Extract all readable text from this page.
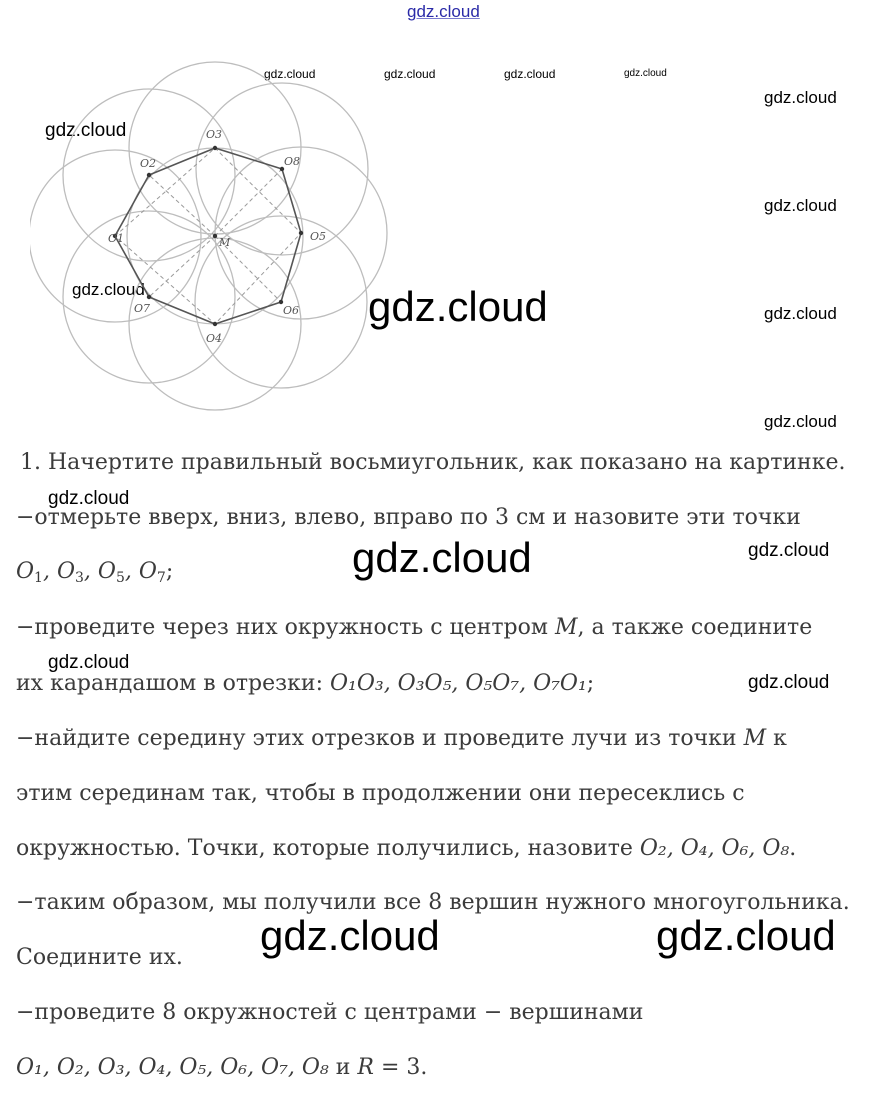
gdz.cloud
gdz.cloud	gdz.cloud	gdz.cloud	gdz.cloud
gdz.cloud
gdz.cloud
gdz.cloud
gdz.cloud	gdz.cloud	gdz.cloud
gdz.cloud
gdz.cloud
gdz.cloud	gdz.cloud
gdz.cloud
gdz.cloud
gdz.cloud	gdz.cloud
O1
O2
O3
O8
O5
O6
O4
O7
M
1. Начертите правильный восьмиугольник, как показано на картинке.
−отмерьте вверх, вниз, влево, вправо по 3 см и назовите эти точки
$O_1$, $O_3$, $O_5$, $O_7$;
−проведите через них окружность с центром M, а также соедините
их карандашом в отрезки: O₁O₃, O₃O₅, O₅O₇, O₇O₁;
−найдите середину этих отрезков и проведите лучи из точки M к
этим серединам так, чтобы в продолжении они пересеклись с
окружностью. Точки, которые получились, назовите O₂, O₄, O₆, O₈.
−таким образом, мы получили все 8 вершин нужного многоугольника.
Соедините их.
−проведите 8 окружностей с центрами − вершинами
O₁, O₂, O₃, O₄, O₅, O₆, O₇, O₈ и R = 3.
